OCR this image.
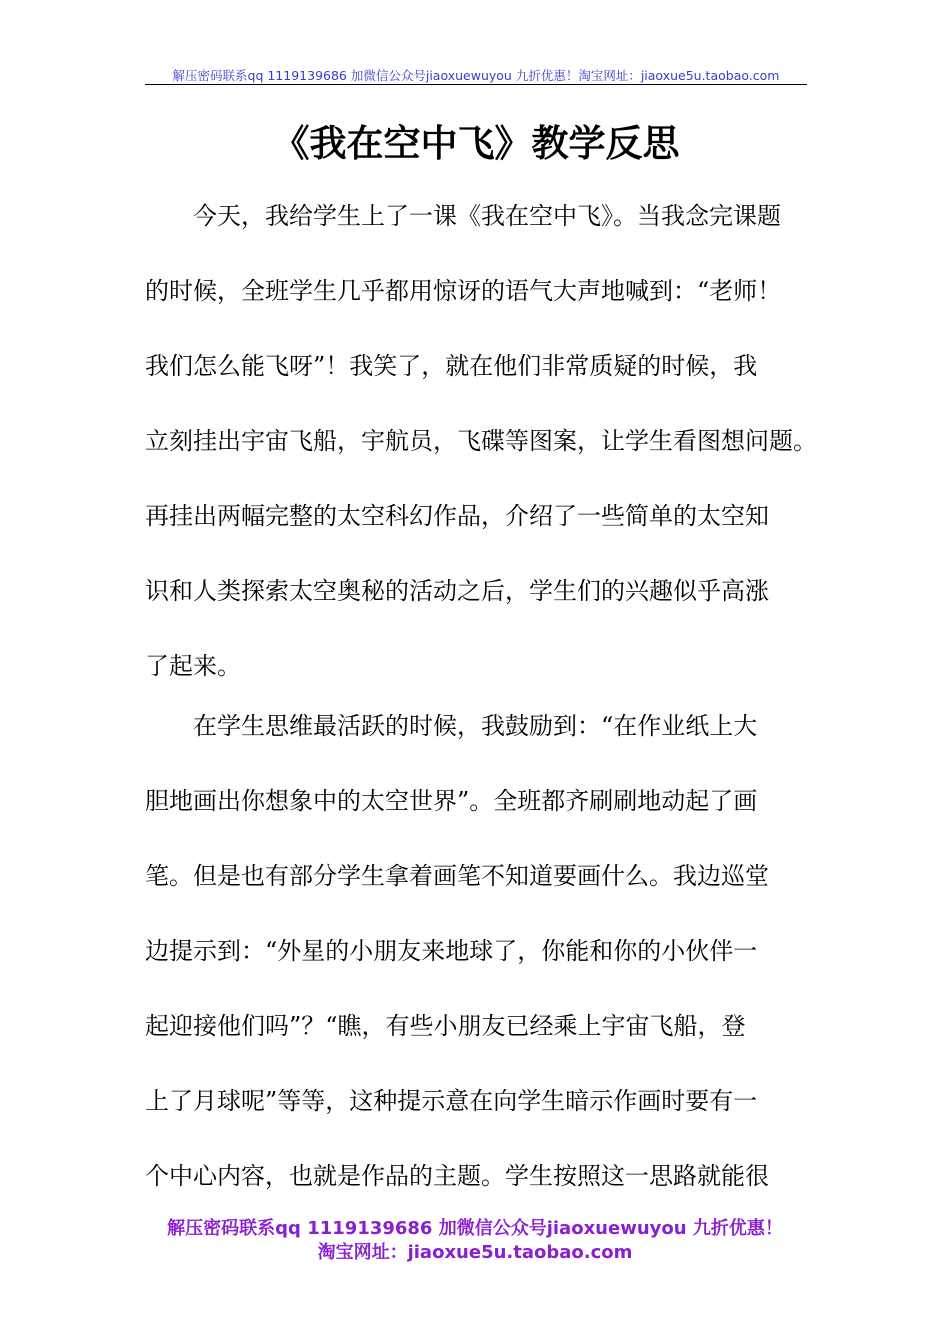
解压密码联系qq 1119139686 加微信公众号jiaoxuewuyou 九折优惠！淘宝网址：jiaoxue5u.taobao.com
《我在空中飞》教学反思
　　今天，我给学生上了一课《我在空中飞》。当我念完课题
的时候，全班学生几乎都用惊讶的语气大声地喊到：“老师！
我们怎么能飞呀”！我笑了，就在他们非常质疑的时候，我
立刻挂出宇宙飞船，宇航员，飞碟等图案，让学生看图想问题。
再挂出两幅完整的太空科幻作品，介绍了一些简单的太空知
识和人类探索太空奥秘的活动之后，学生们的兴趣似乎高涨
了起来。
　　在学生思维最活跃的时候，我鼓励到：“在作业纸上大
胆地画出你想象中的太空世界”。全班都齐刷刷地动起了画
笔。但是也有部分学生拿着画笔不知道要画什么。我边巡堂
边提示到：“外星的小朋友来地球了，你能和你的小伙伴一
起迎接他们吗”？“瞧，有些小朋友已经乘上宇宙飞船，登
上了月球呢”等等，这种提示意在向学生暗示作画时要有一
个中心内容，也就是作品的主题。学生按照这一思路就能很
解压密码联系qq 1119139686 加微信公众号jiaoxuewuyou 九折优惠！
淘宝网址：jiaoxue5u.taobao.com
